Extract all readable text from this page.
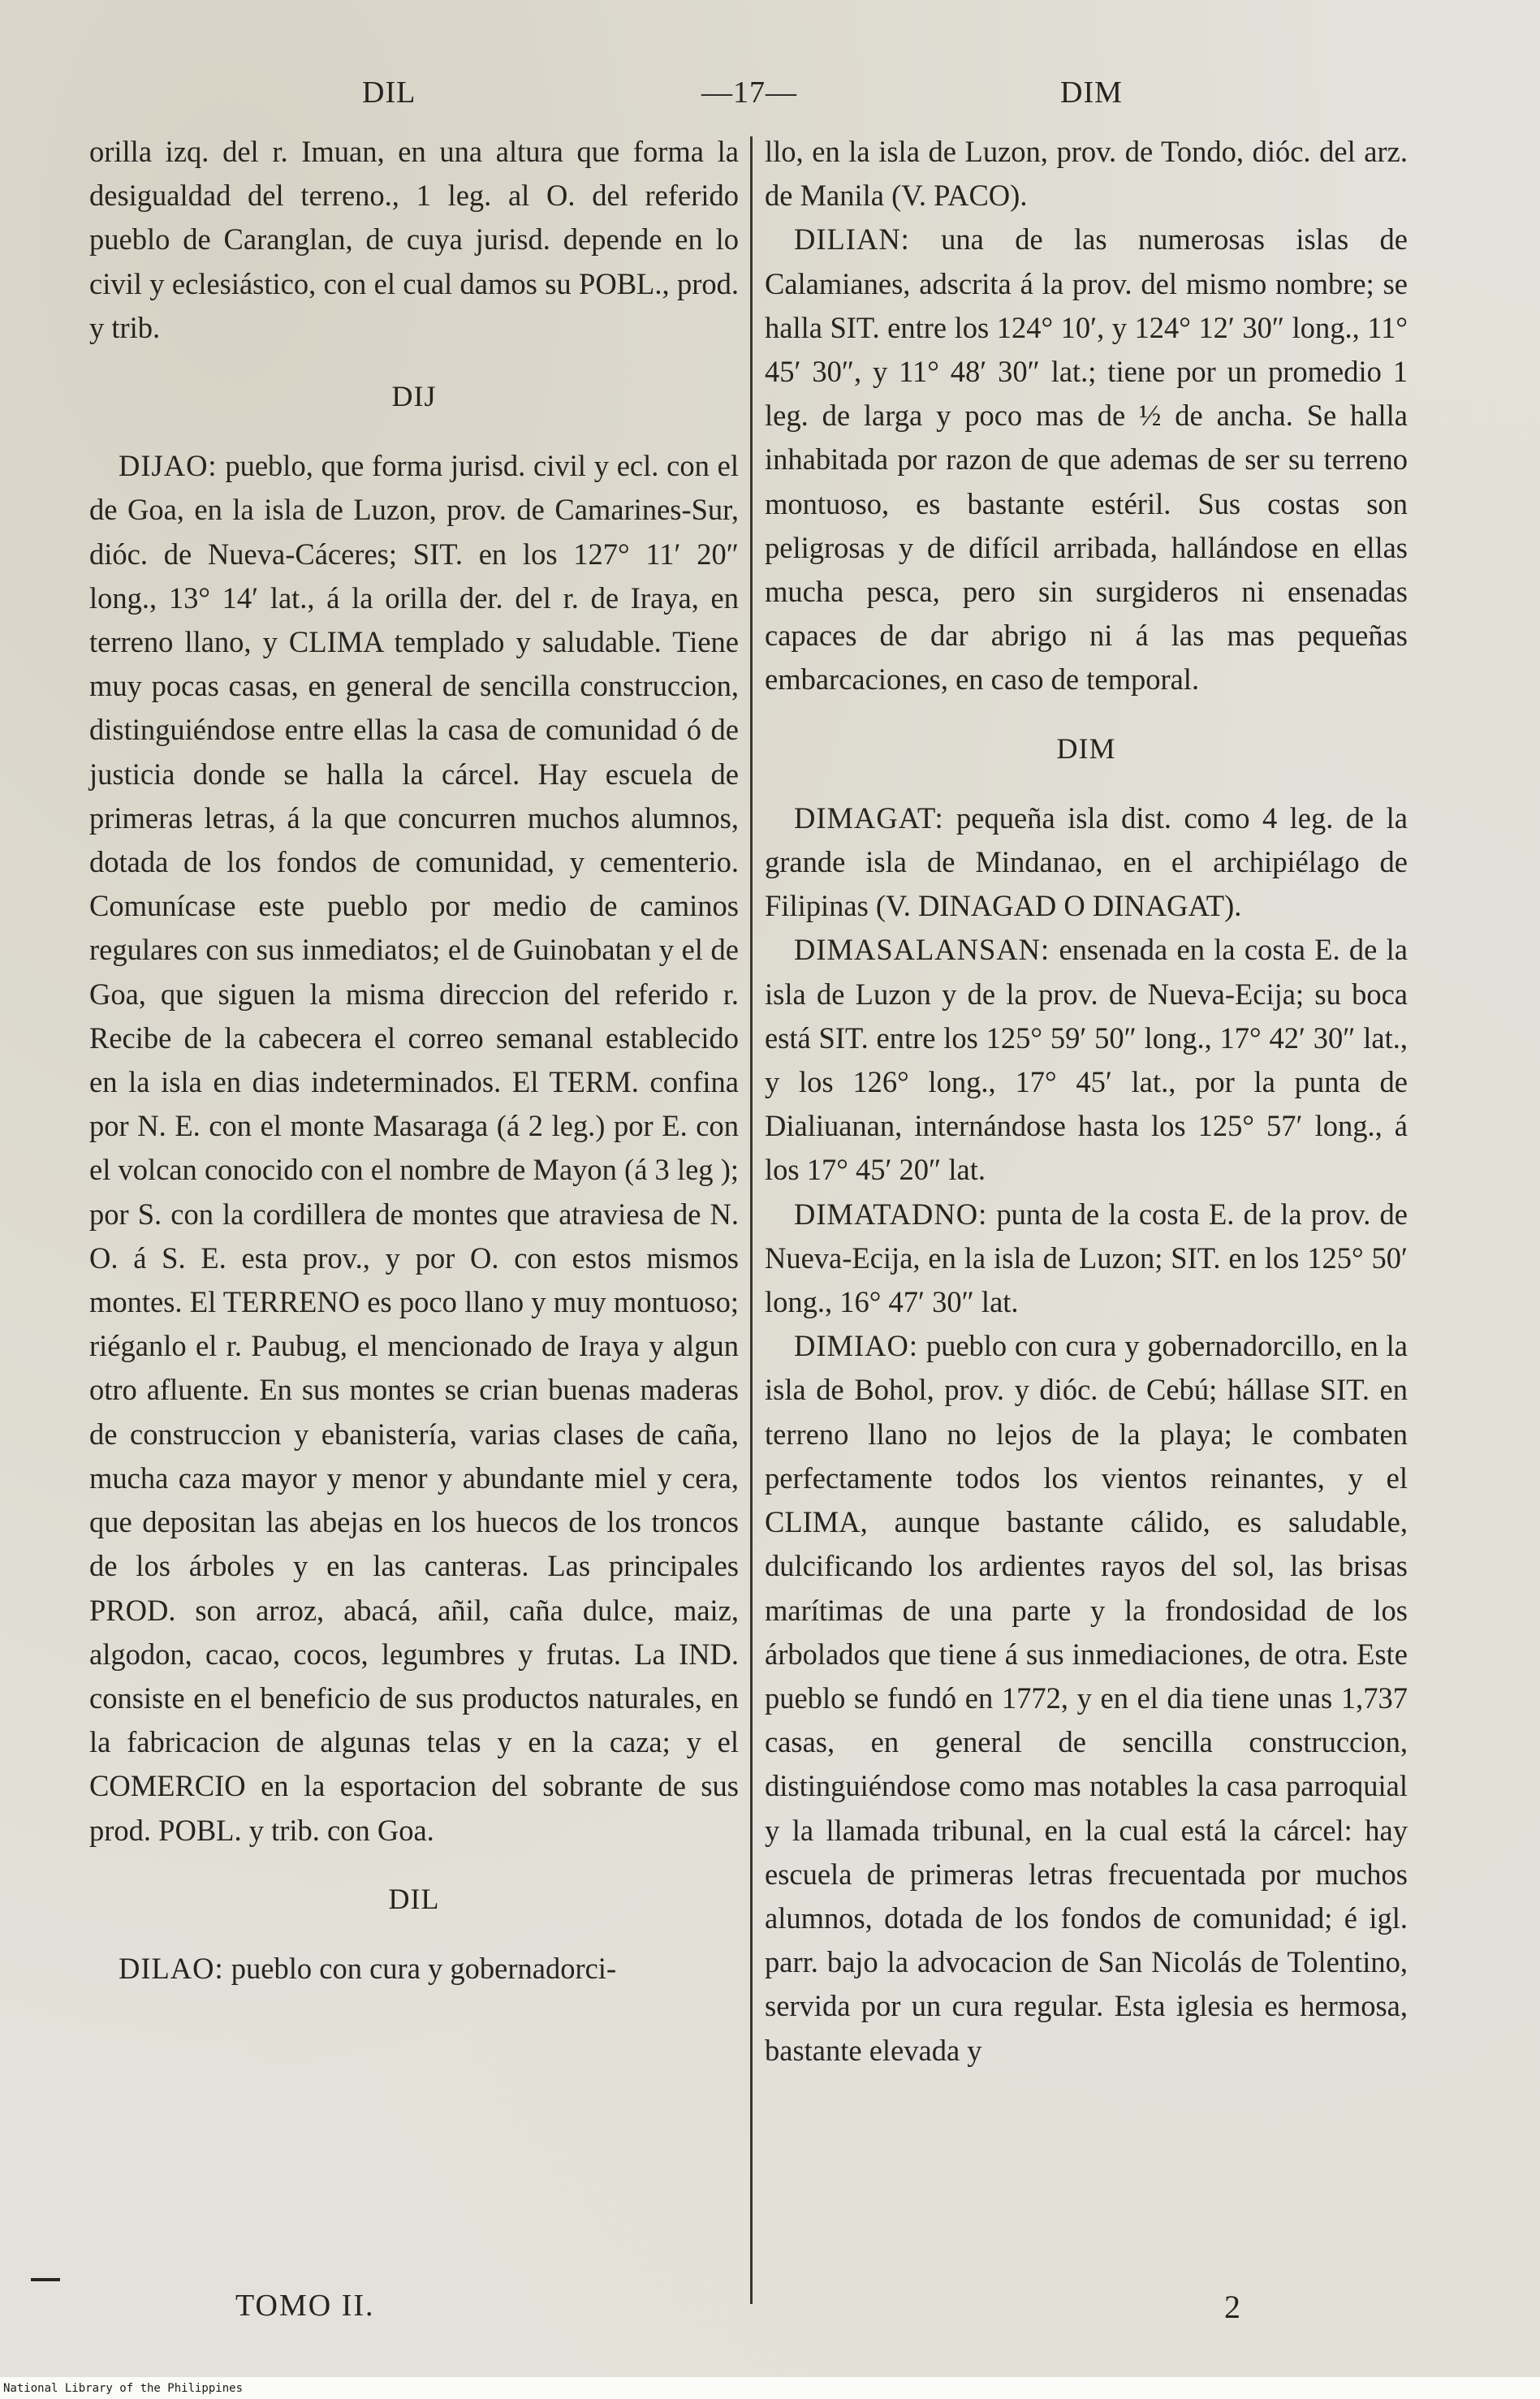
DIL	—17—	DIM

orilla izq. del r. Imuan, en una altura que forma la desigualdad del terreno., 1 leg. al O. del referido pueblo de Caranglan, de cuya jurisd. depende en lo civil y eclesiástico, con el cual damos su POBL., prod. y trib.

DIJ

DIJAO: pueblo, que forma jurisd. civil y ecl. con el de Goa, en la isla de Luzon, prov. de Camarines-Sur, dióc. de Nueva-Cáceres; SIT. en los 127° 11′ 20″ long., 13° 14′ lat., á la orilla der. del r. de Iraya, en terreno llano, y CLIMA templado y saludable. Tiene muy pocas casas, en general de sencilla construccion, distinguiéndose entre ellas la casa de comunidad ó de justicia donde se halla la cárcel. Hay escuela de primeras letras, á la que concurren muchos alumnos, dotada de los fondos de comunidad, y cementerio. Comunícase este pueblo por medio de caminos regulares con sus inmediatos; el de Guinobatan y el de Goa, que siguen la misma direccion del referido r. Recibe de la cabecera el correo semanal establecido en la isla en dias indeterminados. El TERM. confina por N. E. con el monte Masaraga (á 2 leg.) por E. con el volcan conocido con el nombre de Mayon (á 3 leg ); por S. con la cordillera de montes que atraviesa de N. O. á S. E. esta prov., y por O. con estos mismos montes. El TERRENO es poco llano y muy montuoso; riéganlo el r. Paubug, el mencionado de Iraya y algun otro afluente. En sus montes se crian buenas maderas de construccion y ebanistería, varias clases de caña, mucha caza mayor y menor y abundante miel y cera, que depositan las abejas en los huecos de los troncos de los árboles y en las canteras. Las principales PROD. son arroz, abacá, añil, caña dulce, maiz, algodon, cacao, cocos, legumbres y frutas. La IND. consiste en el beneficio de sus productos naturales, en la fabricacion de algunas telas y en la caza; y el COMERCIO en la esportacion del sobrante de sus prod. POBL. y trib. con Goa.

DIL

DILAO: pueblo con cura y gobernadorci-

llo, en la isla de Luzon, prov. de Tondo, dióc. del arz. de Manila (V. PACO).

DILIAN: una de las numerosas islas de Calamianes, adscrita á la prov. del mismo nombre; se halla SIT. entre los 124° 10′, y 124° 12′ 30″ long., 11° 45′ 30″, y 11° 48′ 30″ lat.; tiene por un promedio 1 leg. de larga y poco mas de ½ de ancha. Se halla inhabitada por razon de que ademas de ser su terreno montuoso, es bastante estéril. Sus costas son peligrosas y de difícil arribada, hallándose en ellas mucha pesca, pero sin surgideros ni ensenadas capaces de dar abrigo ni á las mas pequeñas embarcaciones, en caso de temporal.

DIM

DIMAGAT: pequeña isla dist. como 4 leg. de la grande isla de Mindanao, en el archipiélago de Filipinas (V. DINAGAD O DINAGAT).

DIMASALANSAN: ensenada en la costa E. de la isla de Luzon y de la prov. de Nueva-Ecija; su boca está SIT. entre los 125° 59′ 50″ long., 17° 42′ 30″ lat., y los 126° long., 17° 45′ lat., por la punta de Dialiuanan, internándose hasta los 125° 57′ long., á los 17° 45′ 20″ lat.

DIMATADNO: punta de la costa E. de la prov. de Nueva-Ecija, en la isla de Luzon; SIT. en los 125° 50′ long., 16° 47′ 30″ lat.

DIMIAO: pueblo con cura y gobernadorcillo, en la isla de Bohol, prov. y dióc. de Cebú; hállase SIT. en terreno llano no lejos de la playa; le combaten perfectamente todos los vientos reinantes, y el CLIMA, aunque bastante cálido, es saludable, dulcificando los ardientes rayos del sol, las brisas marítimas de una parte y la frondosidad de los árbolados que tiene á sus inmediaciones, de otra. Este pueblo se fundó en 1772, y en el dia tiene unas 1,737 casas, en general de sencilla construccion, distinguiéndose como mas notables la casa parroquial y la llamada tribunal, en la cual está la cárcel: hay escuela de primeras letras frecuentada por muchos alumnos, dotada de los fondos de comunidad; é igl. parr. bajo la advocacion de San Nicolás de Tolentino, servida por un cura regular. Esta iglesia es hermosa, bastante elevada y

TOMO II.	2
National Library of the Philippines
